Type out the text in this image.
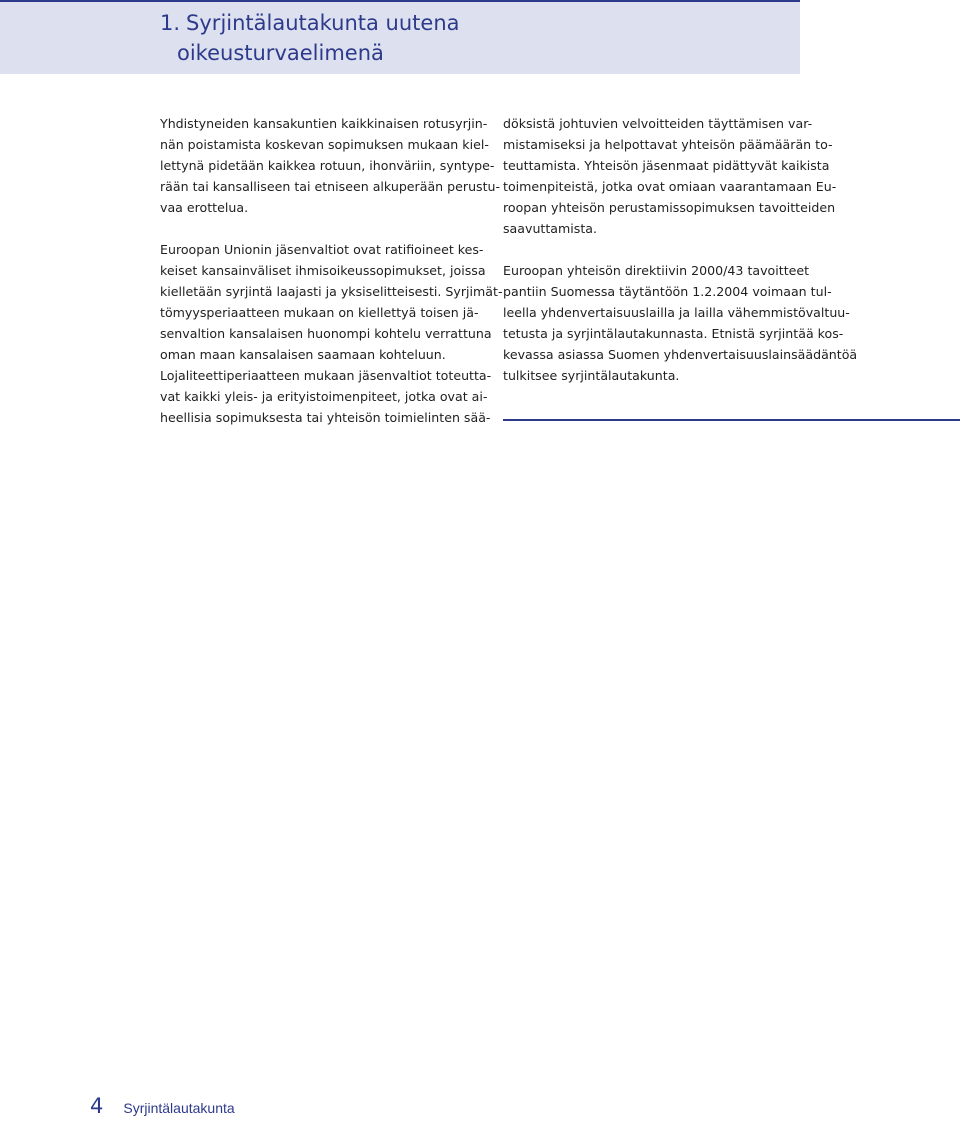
1. Syrjintälautakunta uutena
oikeusturvaelimenä

Yhdistyneiden kansakuntien kaikkinaisen rotusyrjin-
nän poistamista koskevan sopimuksen mukaan kiel-
lettynä pidetään kaikkea rotuun, ihonväriin, syntype-
rään tai kansalliseen tai etniseen alkuperään perustu-
vaa erottelua.

Euroopan Unionin jäsenvaltiot ovat ratifioineet kes-
keiset kansainväliset ihmisoikeussopimukset, joissa
kielletään syrjintä laajasti ja yksiselitteisesti. Syrjimät-
tömyysperiaatteen mukaan on kiellettyä toisen jä-
senvaltion kansalaisen huonompi kohtelu verrattuna
oman maan kansalaisen saamaan kohteluun.
Lojaliteettiperiaatteen mukaan jäsenvaltiot toteutta-
vat kaikki yleis- ja erityistoimenpiteet, jotka ovat ai-
heellisia sopimuksesta tai yhteisön toimielinten sää-

döksistä johtuvien velvoitteiden täyttämisen var-
mistamiseksi ja helpottavat yhteisön päämäärän to-
teuttamista. Yhteisön jäsenmaat pidättyvät kaikista
toimenpiteistä, jotka ovat omiaan vaarantamaan Eu-
roopan yhteisön perustamissopimuksen tavoitteiden
saavuttamista.

Euroopan yhteisön direktiivin 2000/43 tavoitteet
pantiin Suomessa täytäntöön 1.2.2004 voimaan tul-
leella yhdenvertaisuuslailla ja lailla vähemmistövaltuu-
tetusta ja syrjintälautakunnasta. Etnistä syrjintää kos-
kevassa asiassa Suomen yhdenvertaisuuslainsäädäntöä
tulkitsee syrjintälautakunta.

4 Syrjintälautakunta
